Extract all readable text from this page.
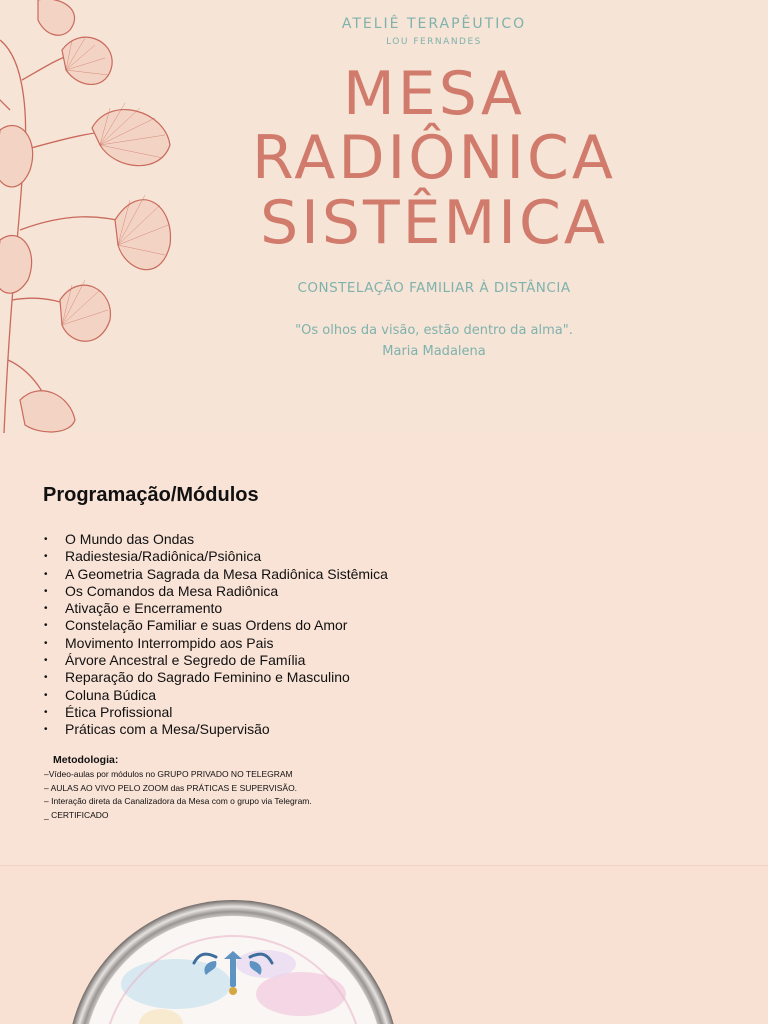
ATELIÊ TERAPÊUTICO
LOU FERNANDES
MESA
RADIÔNICA
SISTÊMICA
CONSTELAÇÃO FAMILIAR À DISTÂNCIA
"Os olhos da visão, estão dentro da alma".
Maria Madalena
Programação/Módulos
• O Mundo das Ondas
• Radiestesia/Radiônica/Psiônica
• A Geometria Sagrada da Mesa Radiônica Sistêmica
• Os Comandos da Mesa Radiônica
• Ativação e Encerramento
• Constelação Familiar e suas Ordens do Amor
• Movimento Interrompido aos Pais
• Árvore Ancestral e Segredo de Família
• Reparação do Sagrado Feminino e Masculino
• Coluna Búdica
• Ética Profissional
• Práticas com a Mesa/Supervisão
Metodologia:
–Vídeo-aulas por módulos no GRUPO PRIVADO NO TELEGRAM
– AULAS AO VIVO PELO ZOOM das PRÁTICAS E SUPERVISÃO.
– Interação direta da Canalizadora da Mesa com o grupo via Telegram.
_ CERTIFICADO
